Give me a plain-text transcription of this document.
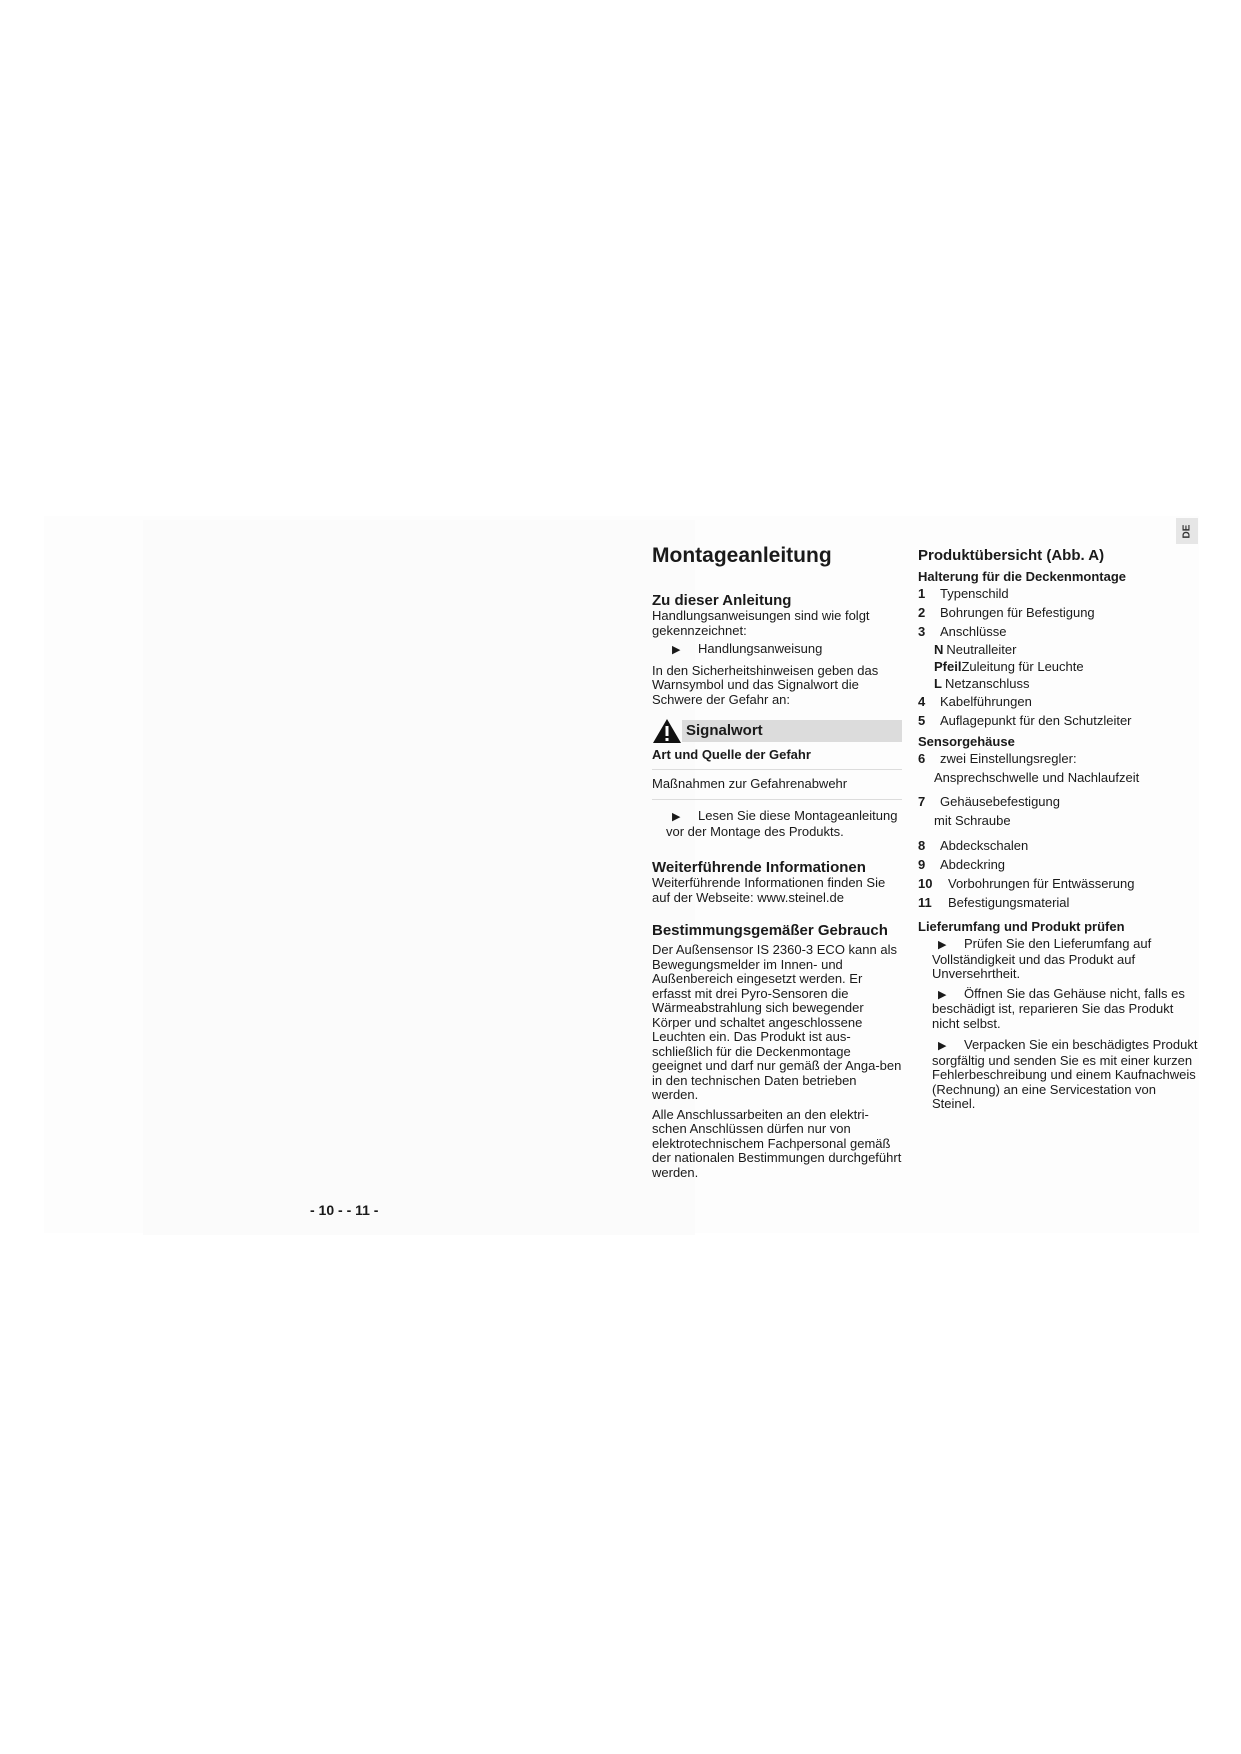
DE
- 10 - - 11 -
Montageanleitung
Zu dieser Anleitung

Handlungsanweisungen sind wie folgt gekennzeichnet:

▶ Handlungsanweisung

In den Sicherheitshinweisen geben das Warnsymbol und das Signalwort die Schwere der Gefahr an:

Signalwort
Art und Quelle der Gefahr
Maßnahmen zur Gefahrenabwehr

▶ Lesen Sie diese Montageanleitung vor der Montage des Produkts.

Weiterführende Informationen

Weiterführende Informationen finden Sie auf der Webseite: www.steinel.de

Bestimmungsgemäßer Gebrauch

Der Außensensor IS 2360-3 ECO kann als Bewegungsmelder im Innen- und Außenbereich eingesetzt werden. Er erfasst mit drei Pyro-Sensoren die Wärmeabstrahlung sich bewegender Körper und schaltet angeschlossene Leuchten ein. Das Produkt ist aus-schließlich für die Deckenmontage geeignet und darf nur gemäß der Anga-ben in den technischen Daten betrieben werden.

Alle Anschlussarbeiten an den elektri-schen Anschlüssen dürfen nur von elektrotechnischem Fachpersonal gemäß der nationalen Bestimmungen durchgeführt werden.

Produktübersicht (Abb. A)
Halterung für die Deckenmontage
1	Typenschild
2	Bohrungen für Befestigung
3	Anschlüsse
N Neutralleiter
Pfeil Zuleitung für Leuchte
L Netzanschluss
4	Kabelführungen
5	Auflagepunkt für den Schutzleiter
Sensorgehäuse
6	zwei Einstellungsregler:
Ansprechschwelle und Nachlaufzeit
7	Gehäusebefestigung
mit Schraube
8	Abdeckschalen
9	Abdeckring
10	Vorbohrungen für Entwässerung
11	Befestigungsmaterial
Lieferumfang und Produkt prüfen

▶ Prüfen Sie den Lieferumfang auf Vollständigkeit und das Produkt auf Unversehrtheit.

▶ Öffnen Sie das Gehäuse nicht, falls es beschädigt ist, reparieren Sie das Produkt nicht selbst.

▶ Verpacken Sie ein beschädigtes Produkt sorgfältig und senden Sie es mit einer kurzen Fehlerbeschreibung und einem Kaufnachweis (Rechnung) an eine Servicestation von Steinel.
